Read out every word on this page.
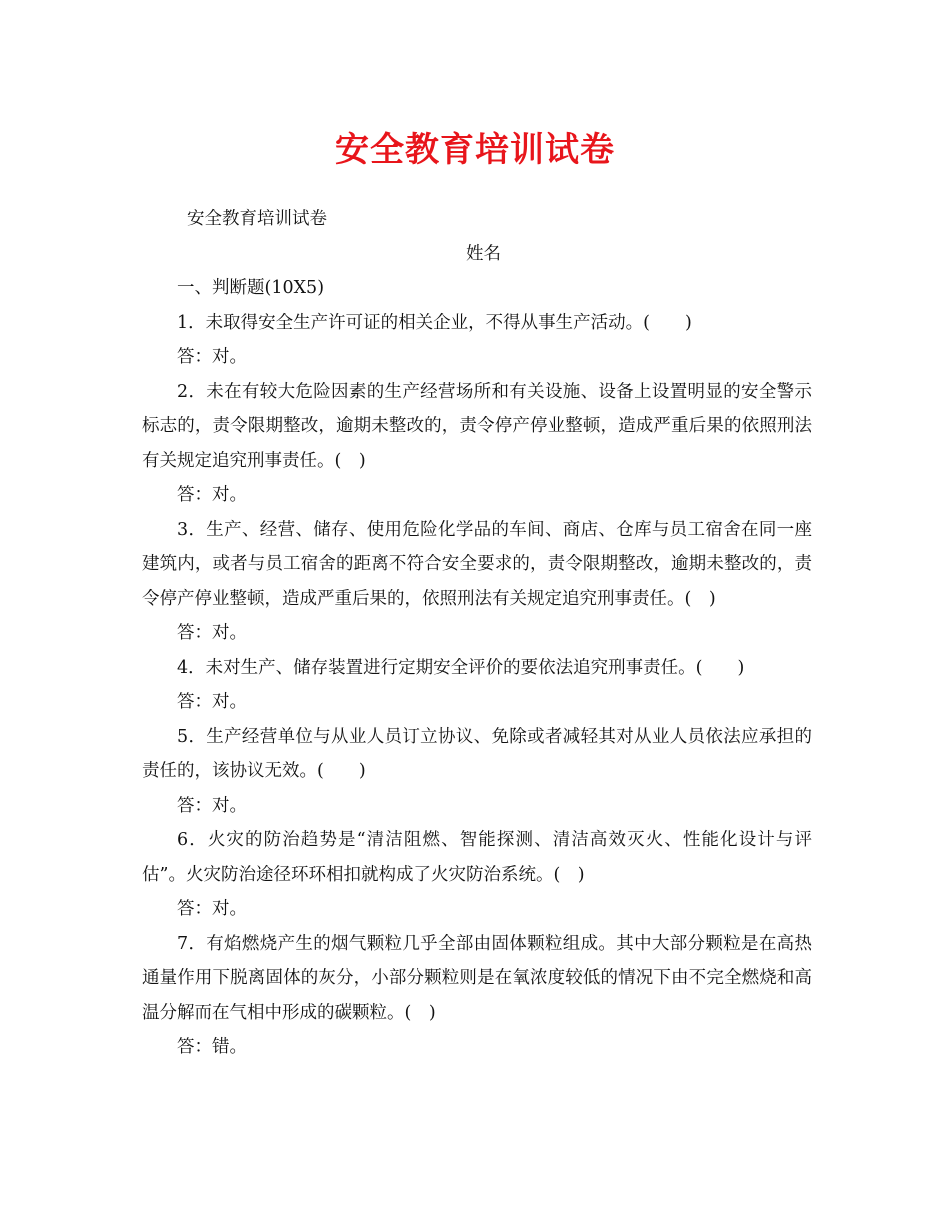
安全教育培训试卷

安全教育培训试卷

姓名

一、判断题(10X5)

1．未取得安全生产许可证的相关企业，不得从事生产活动。(　　)

答：对。

2．未在有较大危险因素的生产经营场所和有关设施、设备上设置明显的安全警示标志的，责令限期整改，逾期未整改的，责令停产停业整顿，造成严重后果的依照刑法有关规定追究刑事责任。(　)

答：对。

3．生产、经营、储存、使用危险化学品的车间、商店、仓库与员工宿舍在同一座建筑内，或者与员工宿舍的距离不符合安全要求的，责令限期整改，逾期未整改的，责令停产停业整顿，造成严重后果的，依照刑法有关规定追究刑事责任。(　)

答：对。

4．未对生产、储存装置进行定期安全评价的要依法追究刑事责任。(　　)

答：对。

5．生产经营单位与从业人员订立协议、免除或者减轻其对从业人员依法应承担的责任的，该协议无效。(　　)

答：对。

6．火灾的防治趋势是“清洁阻燃、智能探测、清洁高效灭火、性能化设计与评估”。火灾防治途径环环相扣就构成了火灾防治系统。(　)

答：对。

7．有焰燃烧产生的烟气颗粒几乎全部由固体颗粒组成。其中大部分颗粒是在高热通量作用下脱离固体的灰分，小部分颗粒则是在氧浓度较低的情况下由不完全燃烧和高温分解而在气相中形成的碳颗粒。(　)

答：错。
